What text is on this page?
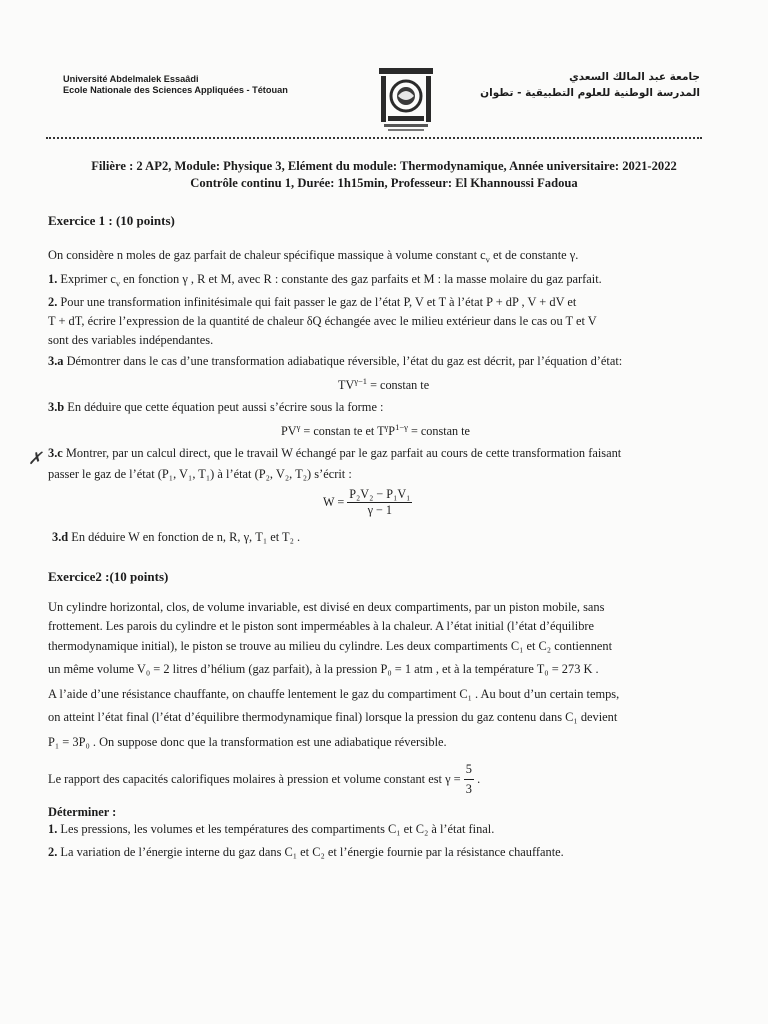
Université Abdelmalek Essaâdi
Ecole Nationale des Sciences Appliquées - Tétouan
جامعة عبد المالك السعدي
المدرسة الوطنية للعلوم التطبيقية - تطوان
Filière : 2 AP2, Module: Physique 3, Elément du module: Thermodynamique, Année universitaire: 2021-2022
Contrôle continu 1, Durée: 1h15min, Professeur: El Khannoussi Fadoua
Exercice 1 : (10 points)
On considère n moles de gaz parfait de chaleur spécifique massique à volume constant $c_v$ et de constante γ.
1. Exprimer $c_v$ en fonction γ , R et M, avec R : constante des gaz parfaits et M : la masse molaire du gaz parfait.
2. Pour une transformation infinitésimale qui fait passer le gaz de l’état P, V et T à l’état P + dP , V + dV et
T + dT, écrire l’expression de la quantité de chaleur δQ échangée avec le milieu extérieur dans le cas ou T et V
sont des variables indépendantes.
3.a Démontrer dans le cas d’une transformation adiabatique réversible, l’état du gaz est décrit, par l’équation d’état:
$TV^{\gamma-1}$ = constan te
3.b En déduire que cette équation peut aussi s’écrire sous la forme :
$PV^\gamma$ = constan te et $T^\gamma P^{1-\gamma}$ = constan te
✗ 3.c Montrer, par un calcul direct, que le travail W échangé par le gaz parfait au cours de cette transformation faisant
passer le gaz de l’état (P₁, V₁, T₁) à l’état (P₂, V₂, T₂) s’écrit :
$W = \frac{\text{P₂V₂ − P₁V₁}}{\gamma - 1}$
3.d En déduire W en fonction de n, R, γ, T₁ et T₂ .
Exercice2 :(10 points)
Un cylindre horizontal, clos, de volume invariable, est divisé en deux compartiments, par un piston mobile, sans
frottement. Les parois du cylindre et le piston sont imperméables à la chaleur. A l’état initial (l’état d’équilibre
thermodynamique initial), le piston se trouve au milieu du cylindre. Les deux compartiments C₁ et C₂ contiennent
un même volume V₀ = 2 litres d’hélium (gaz parfait), à la pression P₀ = 1 atm , et à la température T₀ = 273 K .
A l’aide d’une résistance chauffante, on chauffe lentement le gaz du compartiment C₁ . Au bout d’un certain temps,
on atteint l’état final (l’état d’équilibre thermodynamique final) lorsque la pression du gaz contenu dans C₁ devient
P₁ = 3P₀ . On suppose donc que la transformation est une adiabatique réversible.
Le rapport des capacités calorifiques molaires à pression et volume constant est $\gamma = \frac{5}{3}$ .
Déterminer :
1. Les pressions, les volumes et les températures des compartiments C₁ et C₂ à l’état final.
2. La variation de l’énergie interne du gaz dans C₁ et C₂ et l’énergie fournie par la résistance chauffante.
